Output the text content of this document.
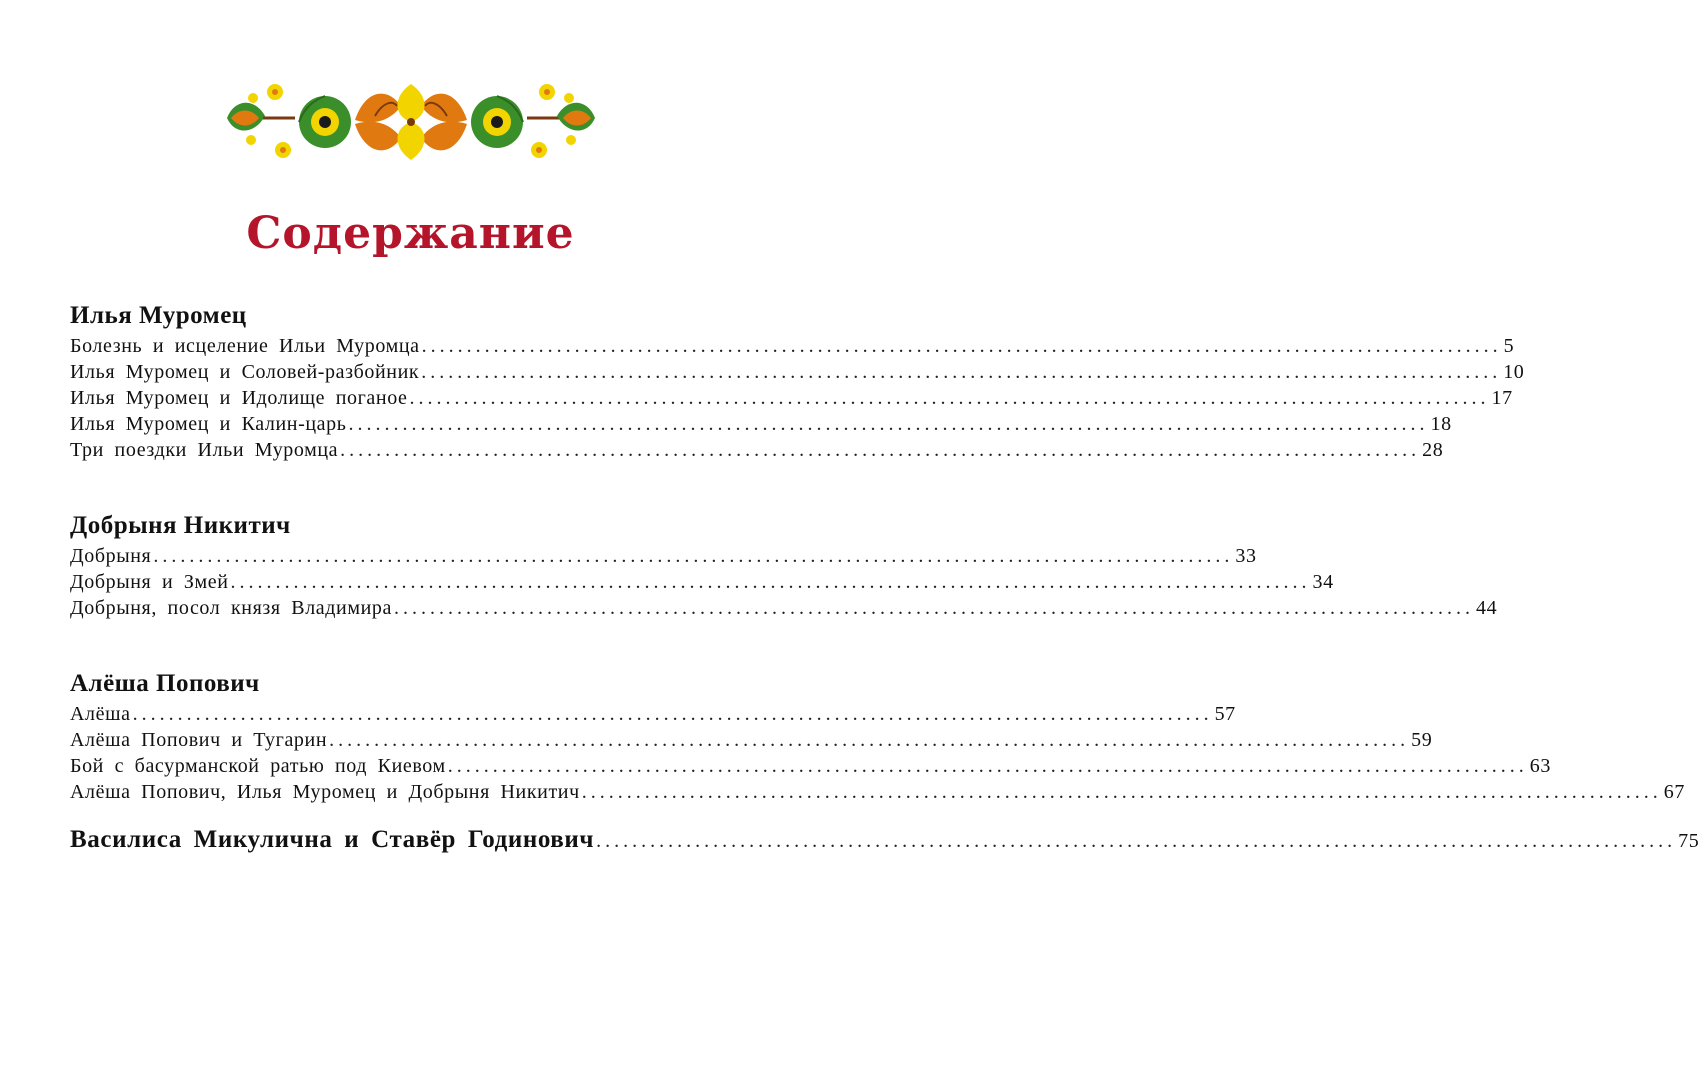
Содержание
Илья Муромец
Болезнь и исцеление Ильи Муромца ........................................................................................................................ 5
Илья Муромец и Соловей-разбойник ........................................................................................................................ 10
Илья Муромец и Идолище поганое ........................................................................................................................ 17
Илья Муромец и Калин-царь ........................................................................................................................ 18
Три поездки Ильи Муромца ........................................................................................................................ 28
Добрыня Никитич
Добрыня ........................................................................................................................ 33
Добрыня и Змей ........................................................................................................................ 34
Добрыня, посол князя Владимира ........................................................................................................................ 44
Алёша Попович
Алёша ........................................................................................................................ 57
Алёша Попович и Тугарин ........................................................................................................................ 59
Бой с басурманской ратью под Киевом ........................................................................................................................ 63
Алёша Попович, Илья Муромец и Добрыня Никитич ........................................................................................................................ 67
Василиса Микулична и Ставёр Годинович ........................................................................................................................ 75
